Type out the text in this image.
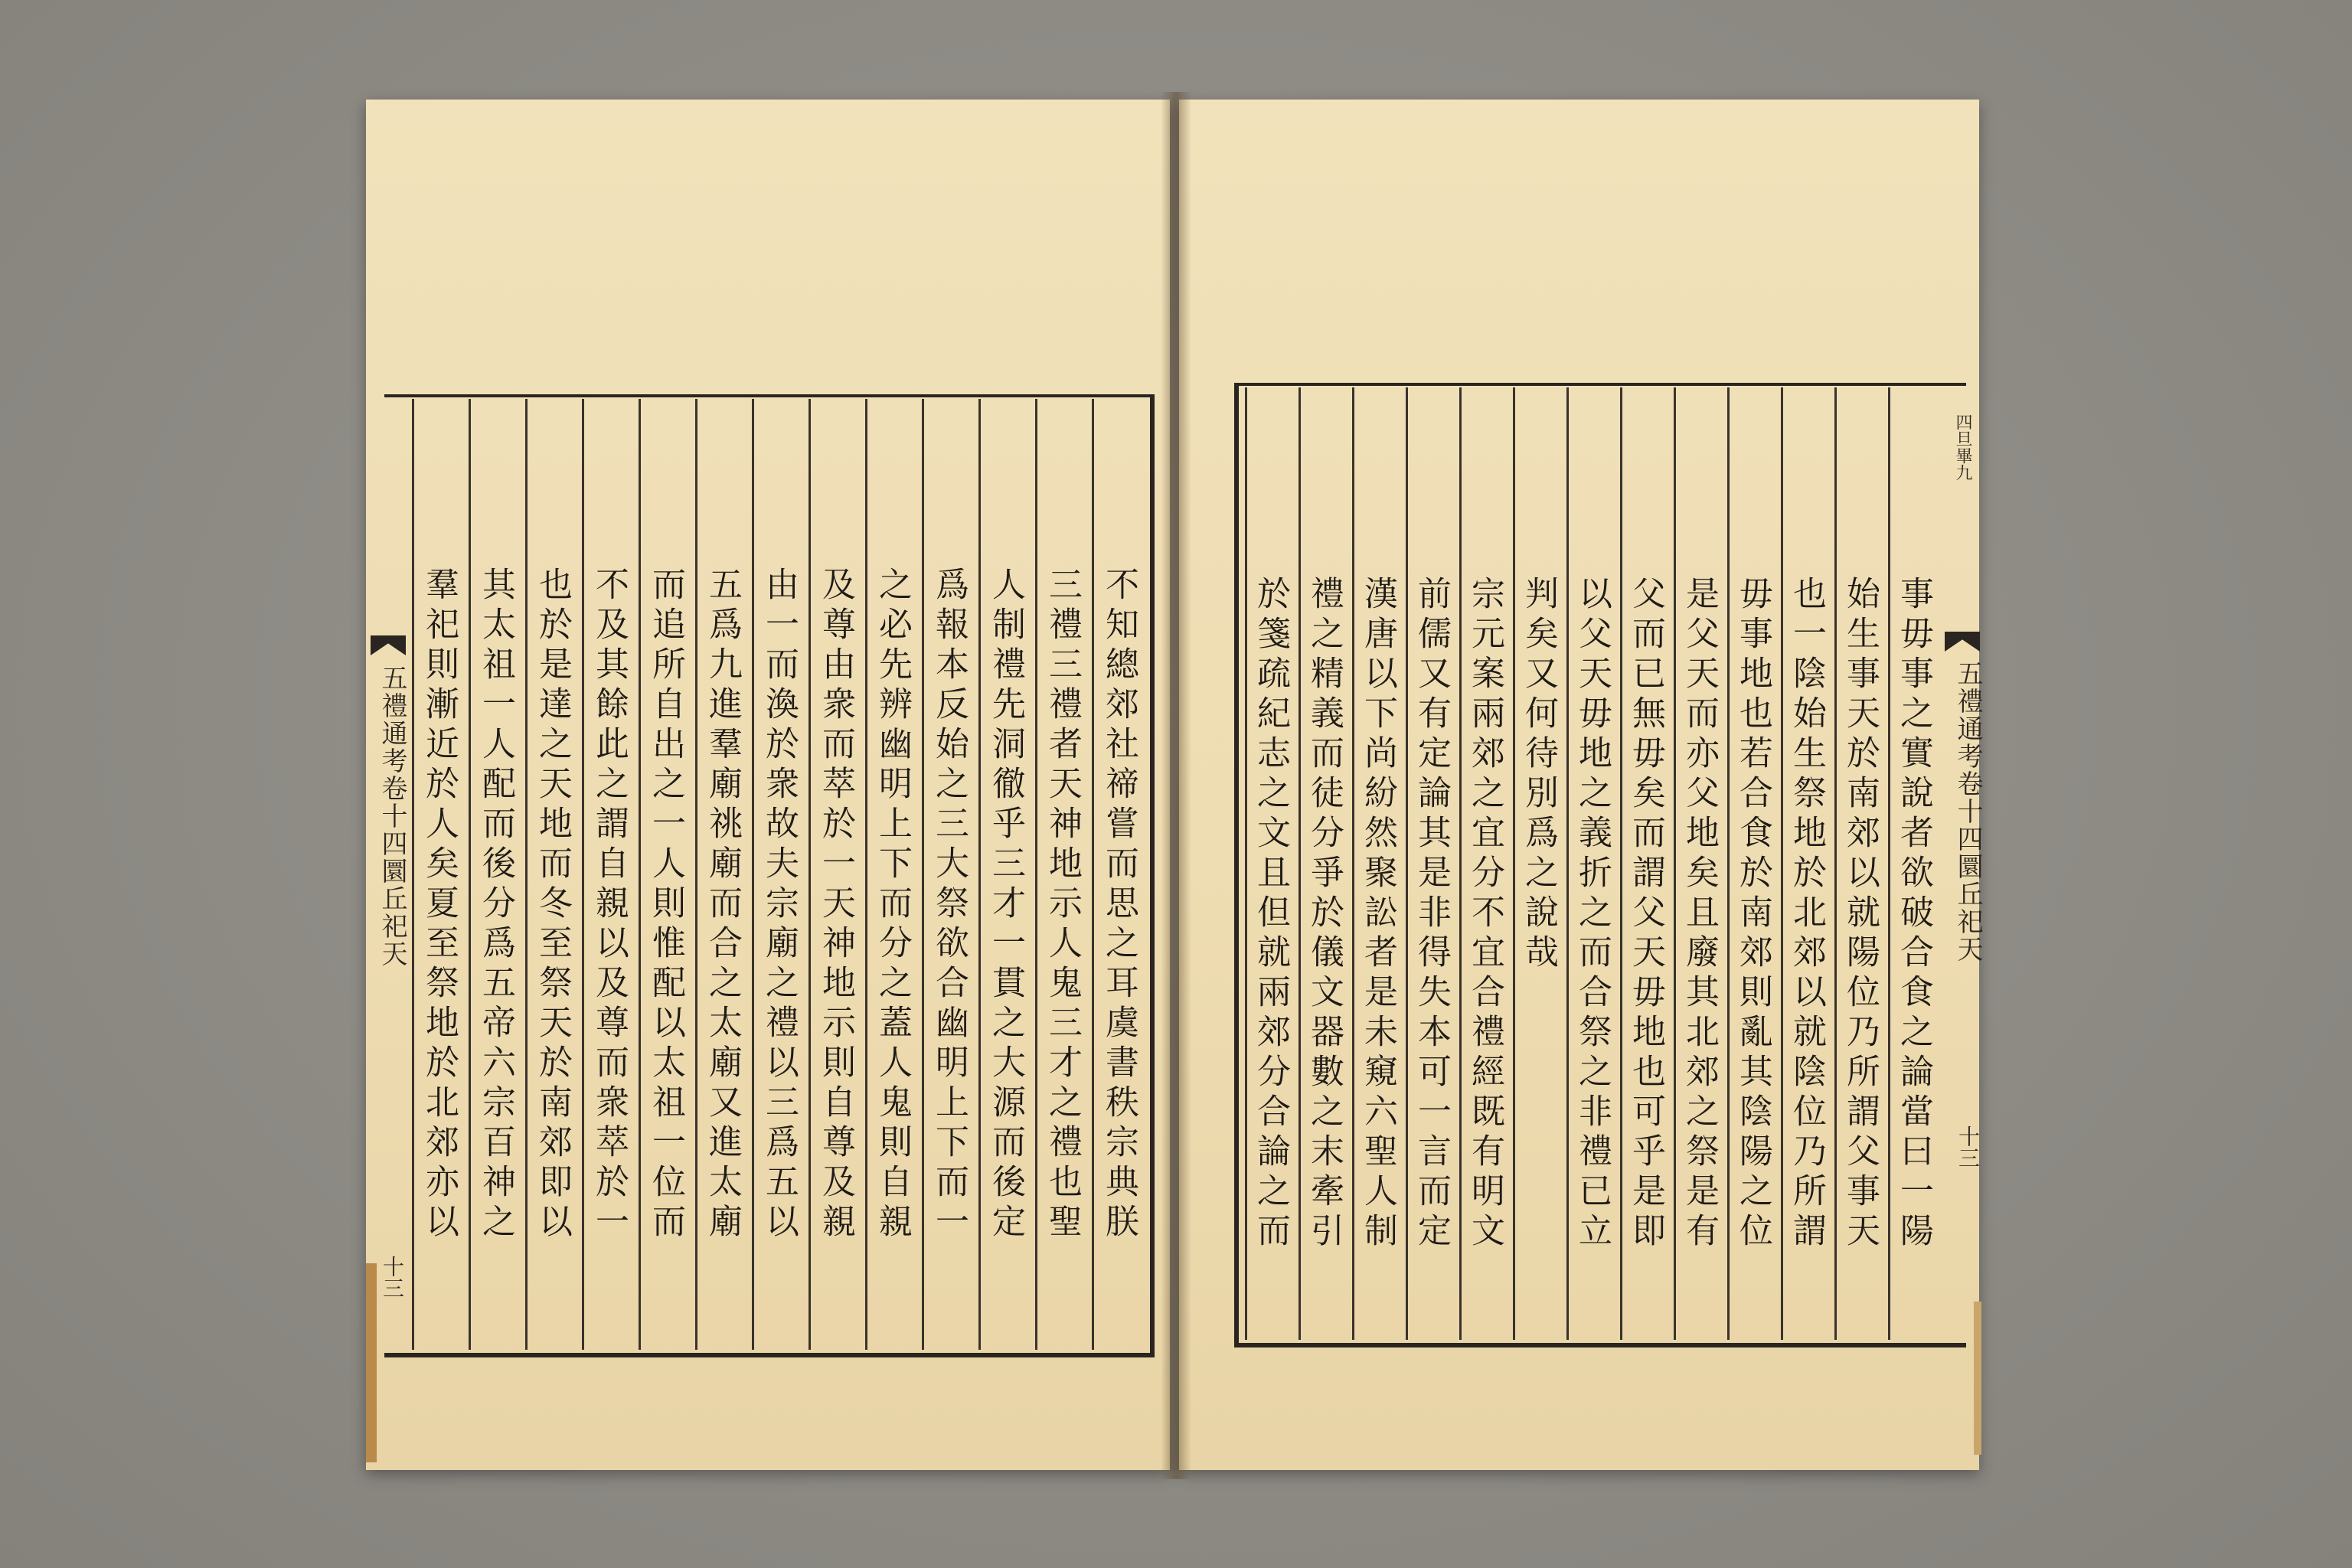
五禮通考卷十四圜丘祀天
十三
五禮通考卷十四圜丘祀天
十三
四旦畢九
不知總郊社禘嘗而思之耳虞書秩宗典朕
三禮三禮者天神地示人鬼三才之禮也聖
人制禮先洞徹乎三才一貫之大源而後定
爲報本反始之三大祭欲合幽明上下而一
之必先辨幽明上下而分之蓋人鬼則自親
及尊由衆而萃於一天神地示則自尊及親
由一而渙於衆故夫宗廟之禮以三爲五以
五爲九進羣廟祧廟而合之太廟又進太廟
而追所自出之一人則惟配以太祖一位而
不及其餘此之謂自親以及尊而衆萃於一
也於是達之天地而冬至祭天於南郊即以
其太祖一人配而後分爲五帝六宗百神之
羣祀則漸近於人矣夏至祭地於北郊亦以	事毋事之實說者欲破合食之論當曰一陽
始生事天於南郊以就陽位乃所謂父事天
也一陰始生祭地於北郊以就陰位乃所謂
毋事地也若合食於南郊則亂其陰陽之位
是父天而亦父地矣且廢其北郊之祭是有
父而已無毋矣而謂父天毋地也可乎是即
以父天毋地之義折之而合祭之非禮已立
判矣又何待別爲之說哉
宗元案兩郊之宜分不宜合禮經既有明文
前儒又有定論其是非得失本可一言而定
漢唐以下尚紛然聚訟者是未窺六聖人制
禮之精義而徒分爭於儀文器數之末牽引
於箋疏紀志之文且但就兩郊分合論之而
